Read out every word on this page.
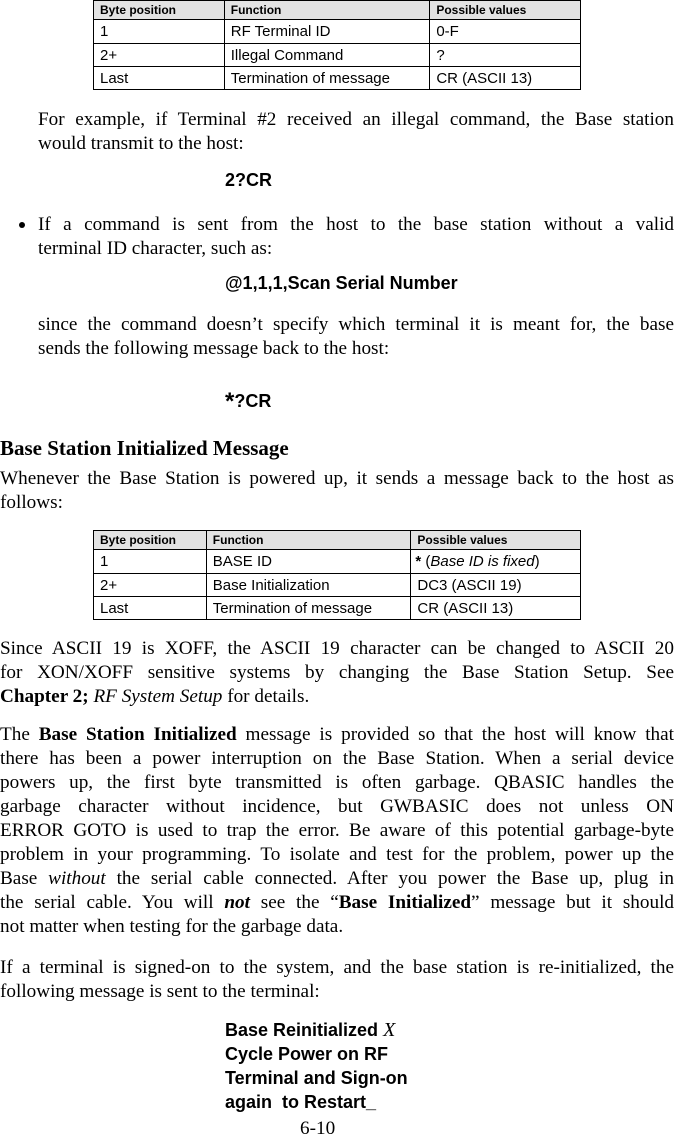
Byte position	Function	Possible values
1	RF Terminal ID	0-F
2+	Illegal Command	?
Last	Termination of message	CR (ASCII 13)
For example, if Terminal #2 received an illegal command, the Base station
would transmit to the host:
2?CR
If a command is sent from the host to the base station without a valid
terminal ID character, such as:
@1,1,1,Scan Serial Number
since the command doesn’t specify which terminal it is meant for, the base
sends the following message back to the host:
*?CR
Base Station Initialized Message
Whenever the Base Station is powered up, it sends a message back to the host as
follows:
Byte position	Function	Possible values
1	BASE ID	* (Base ID is fixed)
2+	Base Initialization	DC3 (ASCII 19)
Last	Termination of message	CR (ASCII 13)
Since ASCII 19 is XOFF, the ASCII 19 character can be changed to ASCII 20
for XON/XOFF sensitive systems by changing the Base Station Setup. See
Chapter 2; RF System Setup for details.
The Base Station Initialized message is provided so that the host will know that
there has been a power interruption on the Base Station. When a serial device
powers up, the first byte transmitted is often garbage. QBASIC handles the
garbage character without incidence, but GWBASIC does not unless ON
ERROR GOTO is used to trap the error. Be aware of this potential garbage-byte
problem in your programming. To isolate and test for the problem, power up the
Base without the serial cable connected. After you power the Base up, plug in
the serial cable. You will not see the “Base Initialized” message but it should
not matter when testing for the garbage data.
If a terminal is signed-on to the system, and the base station is re-initialized, the
following message is sent to the terminal:
Base Reinitialized X
Cycle Power on RF
Terminal and Sign-on
again  to Restart_
6-10
